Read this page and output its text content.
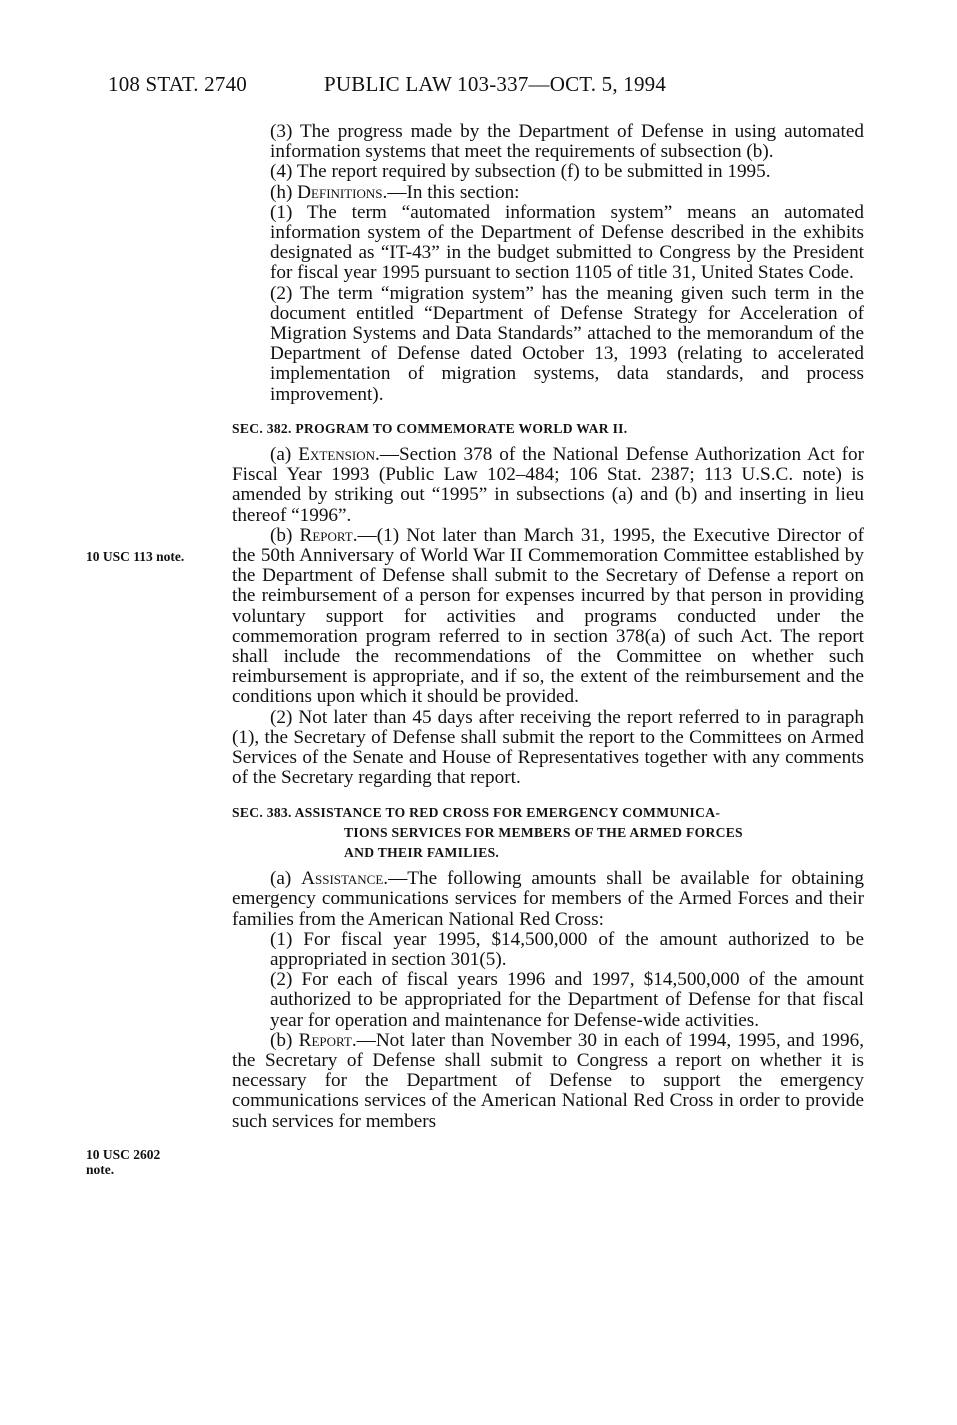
108 STAT. 2740	PUBLIC LAW 103-337—OCT. 5, 1994
10 USC 113 note.
10 USC 2602
note.

(3) The progress made by the Department of Defense in using automated information systems that meet the requirements of subsection (b).

(4) The report required by subsection (f) to be submitted in 1995.

(h) Definitions.—In this section:

(1) The term “automated information system” means an automated information system of the Department of Defense described in the exhibits designated as “IT-43” in the budget submitted to Congress by the President for fiscal year 1995 pursuant to section 1105 of title 31, United States Code.

(2) The term “migration system” has the meaning given such term in the document entitled “Department of Defense Strategy for Acceleration of Migration Systems and Data Standards” attached to the memorandum of the Department of Defense dated October 13, 1993 (relating to accelerated implementation of migration systems, data standards, and process improvement).

SEC. 382. PROGRAM TO COMMEMORATE WORLD WAR II.

(a) Extension.—Section 378 of the National Defense Authorization Act for Fiscal Year 1993 (Public Law 102–484; 106 Stat. 2387; 113 U.S.C. note) is amended by striking out “1995” in subsections (a) and (b) and inserting in lieu thereof “1996”.

(b) Report.—(1) Not later than March 31, 1995, the Executive Director of the 50th Anniversary of World War II Commemoration Committee established by the Department of Defense shall submit to the Secretary of Defense a report on the reimbursement of a person for expenses incurred by that person in providing voluntary support for activities and programs conducted under the commemoration program referred to in section 378(a) of such Act. The report shall include the recommendations of the Committee on whether such reimbursement is appropriate, and if so, the extent of the reimbursement and the conditions upon which it should be provided.

(2) Not later than 45 days after receiving the report referred to in paragraph (1), the Secretary of Defense shall submit the report to the Committees on Armed Services of the Senate and House of Representatives together with any comments of the Secretary regarding that report.

SEC. 383. ASSISTANCE TO RED CROSS FOR EMERGENCY COMMUNICA-
TIONS SERVICES FOR MEMBERS OF THE ARMED FORCES
AND THEIR FAMILIES.

(a) Assistance.—The following amounts shall be available for obtaining emergency communications services for members of the Armed Forces and their families from the American National Red Cross:

(1) For fiscal year 1995, $14,500,000 of the amount authorized to be appropriated in section 301(5).

(2) For each of fiscal years 1996 and 1997, $14,500,000 of the amount authorized to be appropriated for the Department of Defense for that fiscal year for operation and maintenance for Defense-wide activities.

(b) Report.—Not later than November 30 in each of 1994, 1995, and 1996, the Secretary of Defense shall submit to Congress a report on whether it is necessary for the Department of Defense to support the emergency communications services of the American National Red Cross in order to provide such services for members
